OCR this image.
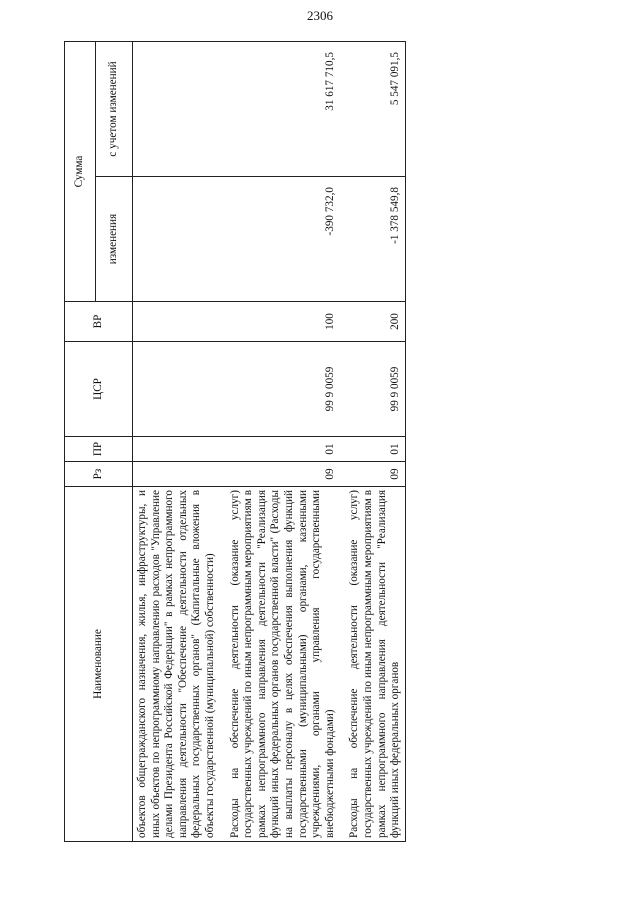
2306
Наименование	Рз	ПР	ЦСР	ВР	Сумма	
					изменения	с учетом изменений
объектов общегражданского назначения, жилья, инфраструктуры, и иных объектов по непрограммному направлению расходов "Управление делами Президента Российской Федерации" в рамках непрограммного направления деятельности "Обеспечение деятельности отдельных федеральных государственных органов" (Капитальные вложения в объекты государственной (муниципальной) собственности)						

Расходы на обеспечение деятельности (оказание услуг) государственных учреждений по иным непрограммным мероприятиям в рамках непрограммного направления деятельности "Реализация функций иных федеральных органов государственной власти" (Расходы на выплаты персоналу в целях обеспечения выполнения функций государственными (муниципальными) органами, казенными учреждениями, органами управления государственными внебюджетными фондами)	09	01	99 9 0059	100	-390 732,0	31 617 710,5

Расходы на обеспечение деятельности (оказание услуг) государственных учреждений по иным непрограммным мероприятиям в рамках непрограммного направления деятельности "Реализация функций иных федеральных органов	09	01	99 9 0059	200	-1 378 549,8	5 547 091,5
